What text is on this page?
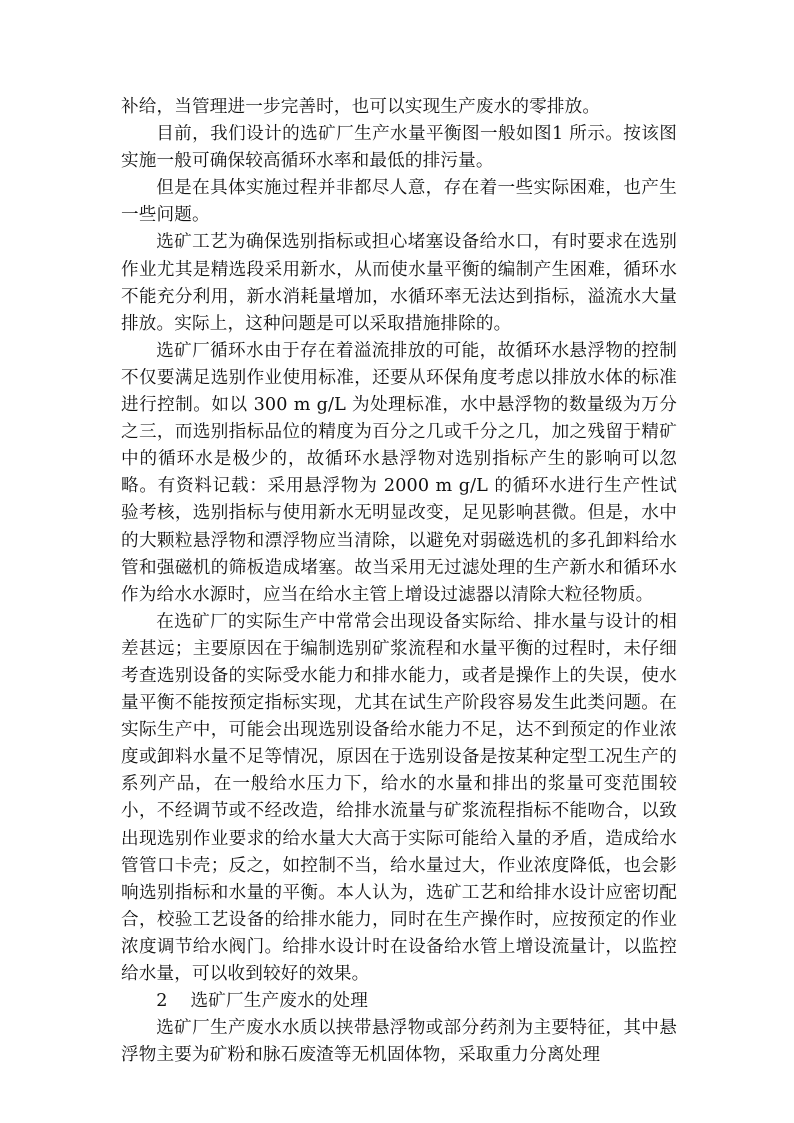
补给，当管理进一步完善时，也可以实现生产废水的零排放。

目前，我们设计的选矿厂生产水量平衡图一般如图1 所示。按该图实施一般可确保较高循环水率和最低的排污量。

但是在具体实施过程并非都尽人意，存在着一些实际困难，也产生一些问题。

选矿工艺为确保选别指标或担心堵塞设备给水口，有时要求在选别作业尤其是精选段采用新水，从而使水量平衡的编制产生困难，循环水不能充分利用，新水消耗量增加，水循环率无法达到指标，溢流水大量排放。实际上，这种问题是可以采取措施排除的。

选矿厂循环水由于存在着溢流排放的可能，故循环水悬浮物的控制不仅要满足选别作业使用标准，还要从环保角度考虑以排放水体的标准进行控制。如以 300 m g/L 为处理标准，水中悬浮物的数量级为万分之三，而选别指标品位的精度为百分之几或千分之几，加之残留于精矿中的循环水是极少的，故循环水悬浮物对选别指标产生的影响可以忽略。有资料记载：采用悬浮物为 2000 m g/L 的循环水进行生产性试验考核，选别指标与使用新水无明显改变，足见影响甚微。但是，水中的大颗粒悬浮物和漂浮物应当清除，以避免对弱磁选机的多孔卸料给水管和强磁机的筛板造成堵塞。故当采用无过滤处理的生产新水和循环水作为给水水源时，应当在给水主管上增设过滤器以清除大粒径物质。

在选矿厂的实际生产中常常会出现设备实际给、排水量与设计的相差甚远；主要原因在于编制选别矿浆流程和水量平衡的过程时，未仔细考查选别设备的实际受水能力和排水能力，或者是操作上的失误，使水量平衡不能按预定指标实现，尤其在试生产阶段容易发生此类问题。在实际生产中，可能会出现选别设备给水能力不足，达不到预定的作业浓度或卸料水量不足等情况，原因在于选别设备是按某种定型工况生产的系列产品，在一般给水压力下，给水的水量和排出的浆量可变范围较小，不经调节或不经改造，给排水流量与矿浆流程指标不能吻合，以致出现选别作业要求的给水量大大高于实际可能给入量的矛盾，造成给水管管口卡壳；反之，如控制不当，给水量过大，作业浓度降低，也会影响选别指标和水量的平衡。本人认为，选矿工艺和给排水设计应密切配合，校验工艺设备的给排水能力，同时在生产操作时，应按预定的作业浓度调节给水阀门。给排水设计时在设备给水管上增设流量计，以监控给水量，可以收到较好的效果。

2 选矿厂生产废水的处理

选矿厂生产废水水质以挟带悬浮物或部分药剂为主要特征，其中悬浮物主要为矿粉和脉石废渣等无机固体物，采取重力分离处理
